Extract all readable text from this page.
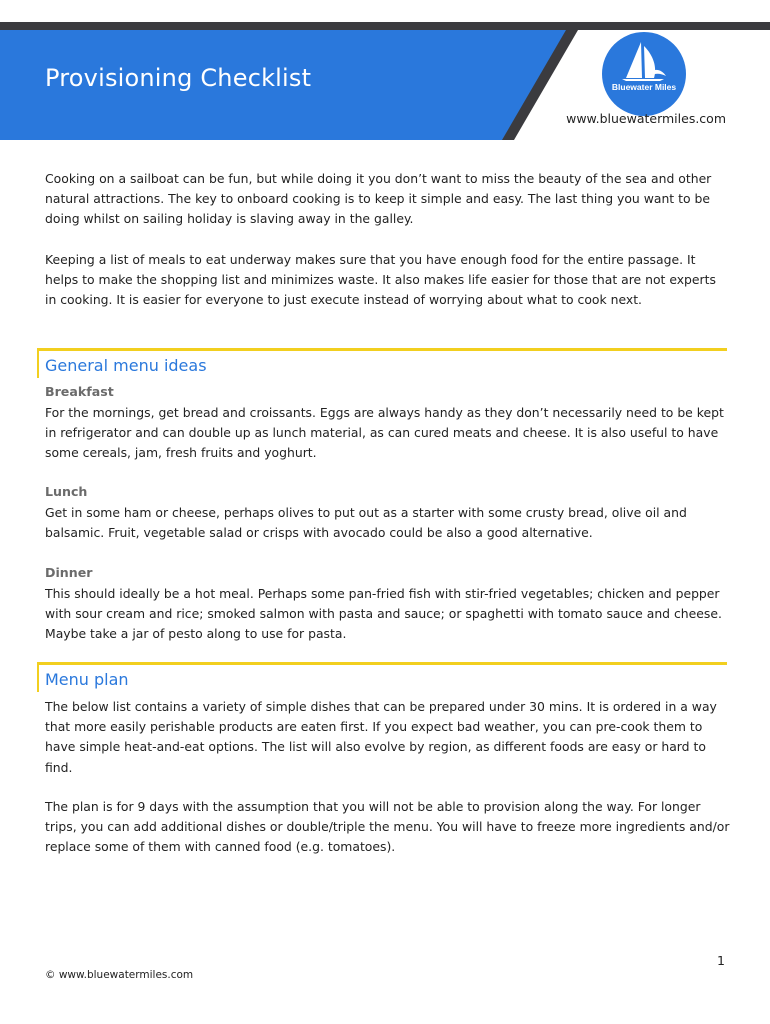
Provisioning Checklist	Bluewater Miles
www.bluewatermiles.com

Cooking on a sailboat can be fun, but while doing it you don’t want to miss the beauty of the sea and other natural attractions. The key to onboard cooking is to keep it simple and easy. The last thing you want to be doing whilst on sailing holiday is slaving away in the galley.

Keeping a list of meals to eat underway makes sure that you have enough food for the entire passage. It helps to make the shopping list and minimizes waste. It also makes life easier for those that are not experts in cooking. It is easier for everyone to just execute instead of worrying about what to cook next.

General menu ideas
Breakfast

For the mornings, get bread and croissants. Eggs are always handy as they don’t necessarily need to be kept in refrigerator and can double up as lunch material, as can cured meats and cheese. It is also useful to have some cereals, jam, fresh fruits and yoghurt.

Lunch

Get in some ham or cheese, perhaps olives to put out as a starter with some crusty bread, olive oil and balsamic. Fruit, vegetable salad or crisps with avocado could be also a good alternative.

Dinner

This should ideally be a hot meal. Perhaps some pan-fried fish with stir-fried vegetables; chicken and pepper with sour cream and rice; smoked salmon with pasta and sauce; or spaghetti with tomato sauce and cheese. Maybe take a jar of pesto along to use for pasta.

Menu plan

The below list contains a variety of simple dishes that can be prepared under 30 mins. It is ordered in a way that more easily perishable products are eaten first. If you expect bad weather, you can pre-cook them to have simple heat-and-eat options. The list will also evolve by region, as different foods are easy or hard to find.

The plan is for 9 days with the assumption that you will not be able to provision along the way. For longer trips, you can add additional dishes or double/triple the menu. You will have to freeze more ingredients and/or replace some of them with canned food (e.g. tomatoes).

1
© www.bluewatermiles.com
